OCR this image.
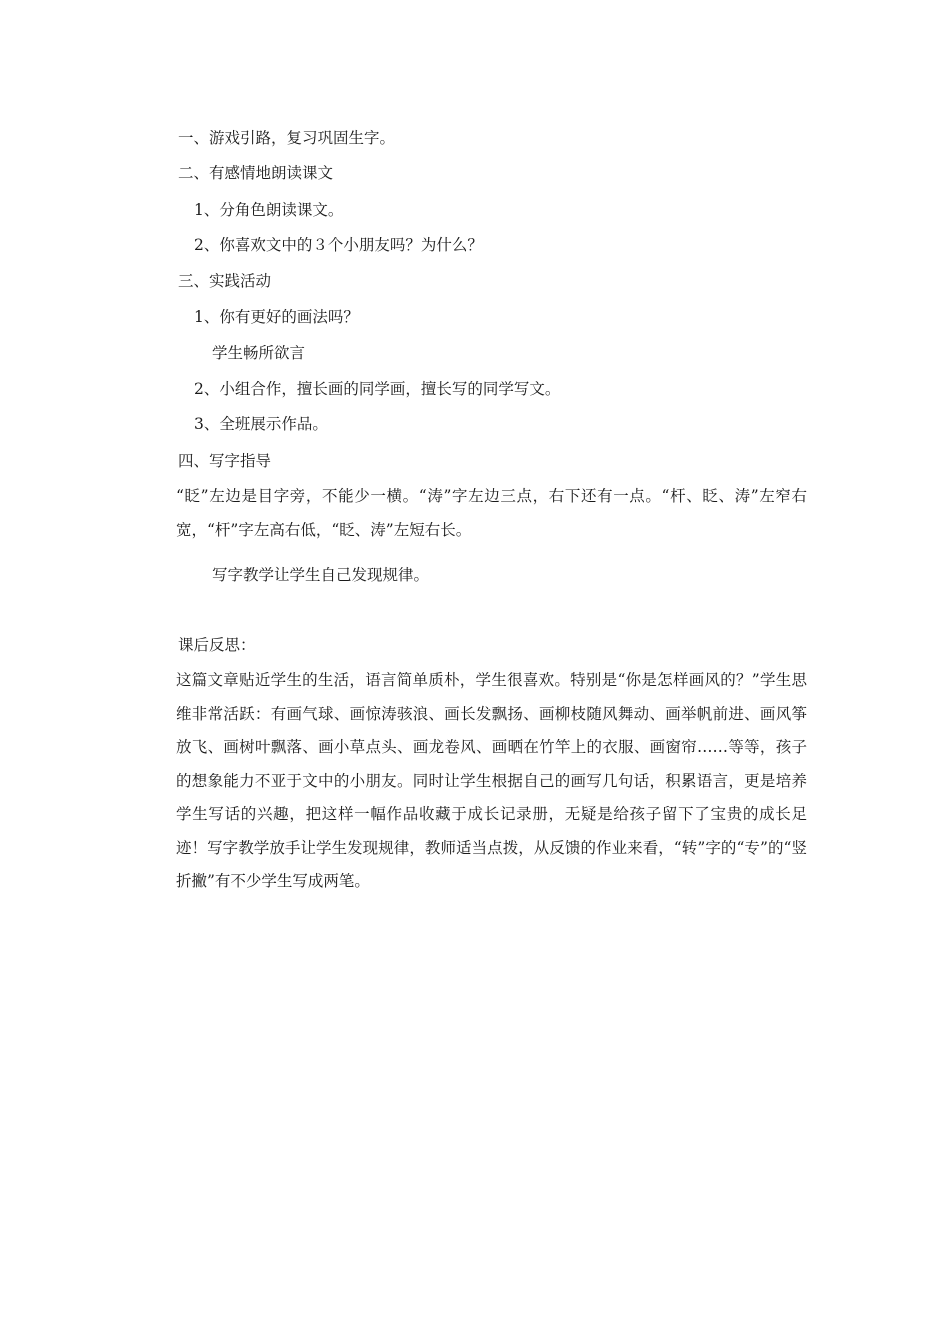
一、游戏引路，复习巩固生字。
二、有感情地朗读课文
1、分角色朗读课文。
2、你喜欢文中的３个小朋友吗？为什么？
三、实践活动
1、你有更好的画法吗？
学生畅所欲言
2、小组合作，擅长画的同学画，擅长写的同学写文。
3、全班展示作品。
四、写字指导
“眨”左边是目字旁，不能少一横。“涛”字左边三点，右下还有一点。“杆、眨、涛”左窄右宽，“杆”字左高右低，“眨、涛”左短右长。
写字教学让学生自己发现规律。
课后反思：
这篇文章贴近学生的生活，语言简单质朴，学生很喜欢。特别是“你是怎样画风的？”学生思维非常活跃：有画气球、画惊涛骇浪、画长发飘扬、画柳枝随风舞动、画举帆前进、画风筝放飞、画树叶飘落、画小草点头、画龙卷风、画晒在竹竿上的衣服、画窗帘……等等，孩子的想象能力不亚于文中的小朋友。同时让学生根据自己的画写几句话，积累语言，更是培养学生写话的兴趣，把这样一幅作品收藏于成长记录册，无疑是给孩子留下了宝贵的成长足迹！写字教学放手让学生发现规律，教师适当点拨，从反馈的作业来看，“转”字的“专”的“竖折撇”有不少学生写成两笔。
